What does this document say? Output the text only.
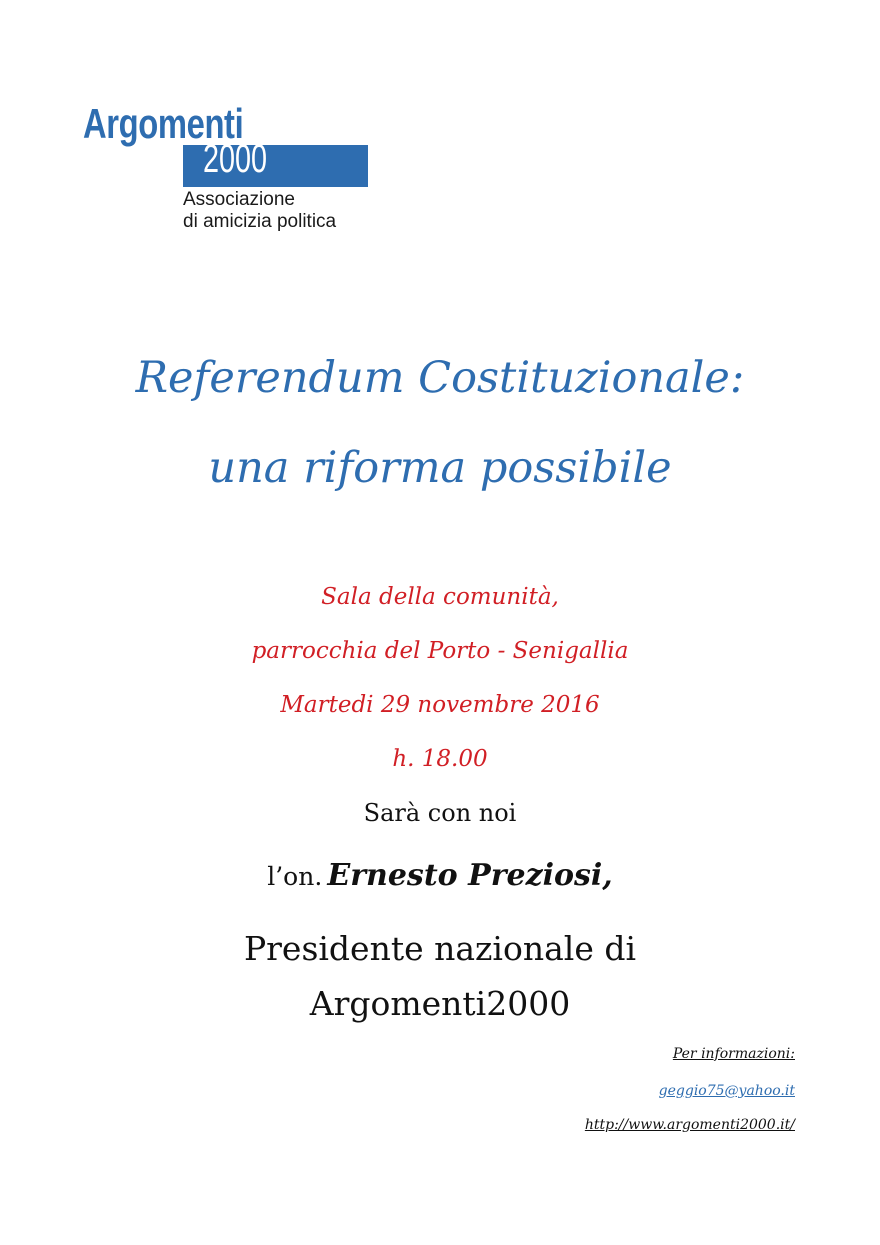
Argomenti
2000
Associazione
di amicizia politica
Referendum Costituzionale:
una riforma possibile
Sala della comunità,
parrocchia del Porto - Senigallia
Martedi 29 novembre 2016
h. 18.00
Sarà con noi
l’on. Ernesto Preziosi,
Presidente nazionale di
Argomenti2000
Per informazioni:
geggio75@yahoo.it
http://www.argomenti2000.it/
